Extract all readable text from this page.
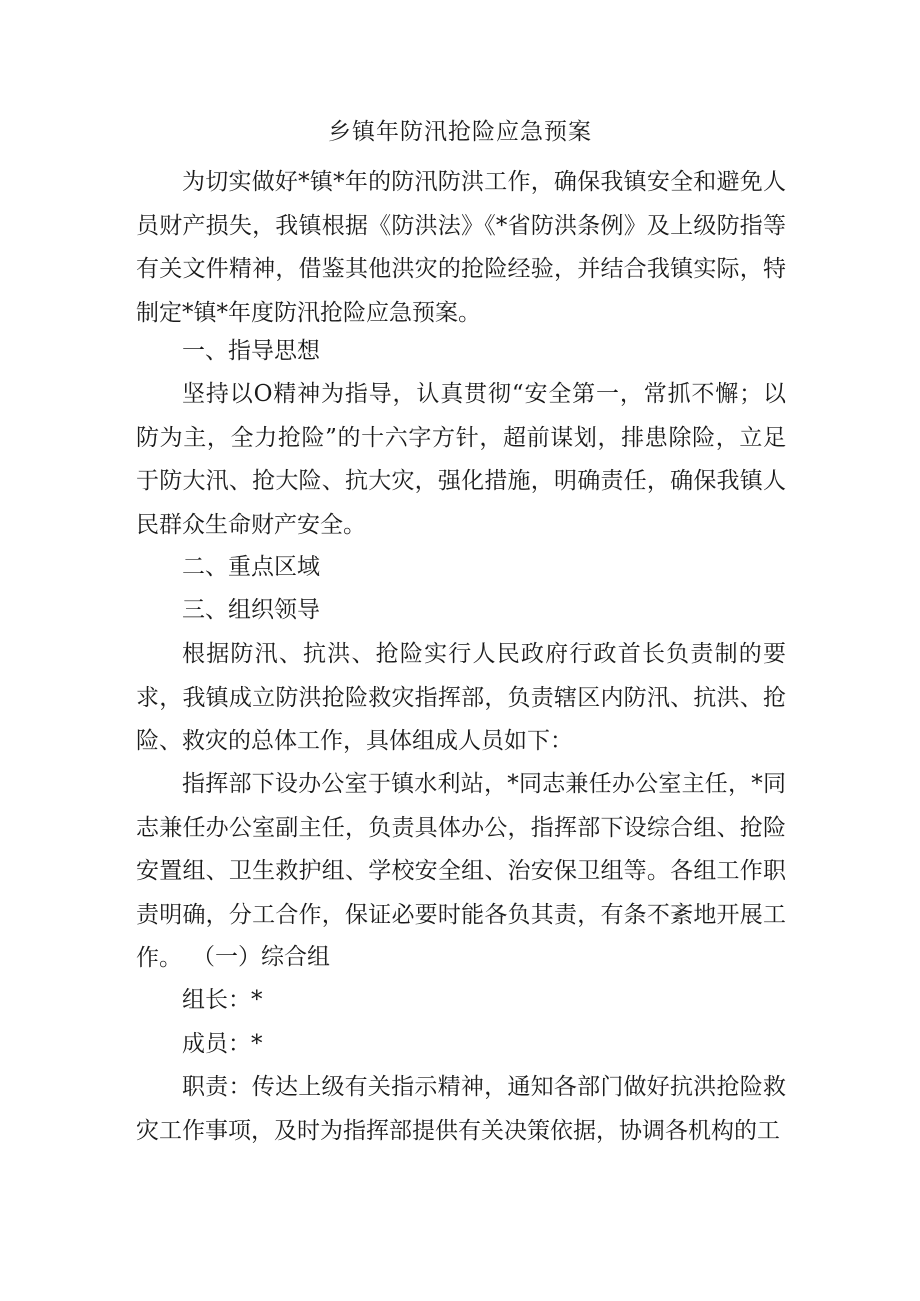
乡镇年防汛抢险应急预案
为切实做好*镇*年的防汛防洪工作，确保我镇安全和避免人员财产损失，我镇根据《防洪法》《*省防洪条例》及上级防指等有关文件精神，借鉴其他洪灾的抢险经验，并结合我镇实际，特制定*镇*年度防汛抢险应急预案。
一、指导思想
坚持以O精神为指导，认真贯彻“安全第一，常抓不懈；以防为主，全力抢险”的十六字方针，超前谋划，排患除险，立足于防大汛、抢大险、抗大灾，强化措施，明确责任，确保我镇人民群众生命财产安全。
二、重点区域
三、组织领导
根据防汛、抗洪、抢险实行人民政府行政首长负责制的要求，我镇成立防洪抢险救灾指挥部，负责辖区内防汛、抗洪、抢险、救灾的总体工作，具体组成人员如下：
指挥部下设办公室于镇水利站，*同志兼任办公室主任，*同志兼任办公室副主任，负责具体办公，指挥部下设综合组、抢险安置组、卫生救护组、学校安全组、治安保卫组等。各组工作职责明确，分工合作，保证必要时能各负其责，有条不紊地开展工作。 （一）综合组
组长：*
成员：*
职责：传达上级有关指示精神，通知各部门做好抗洪抢险救灾工作事项，及时为指挥部提供有关决策依据，协调各机构的工
